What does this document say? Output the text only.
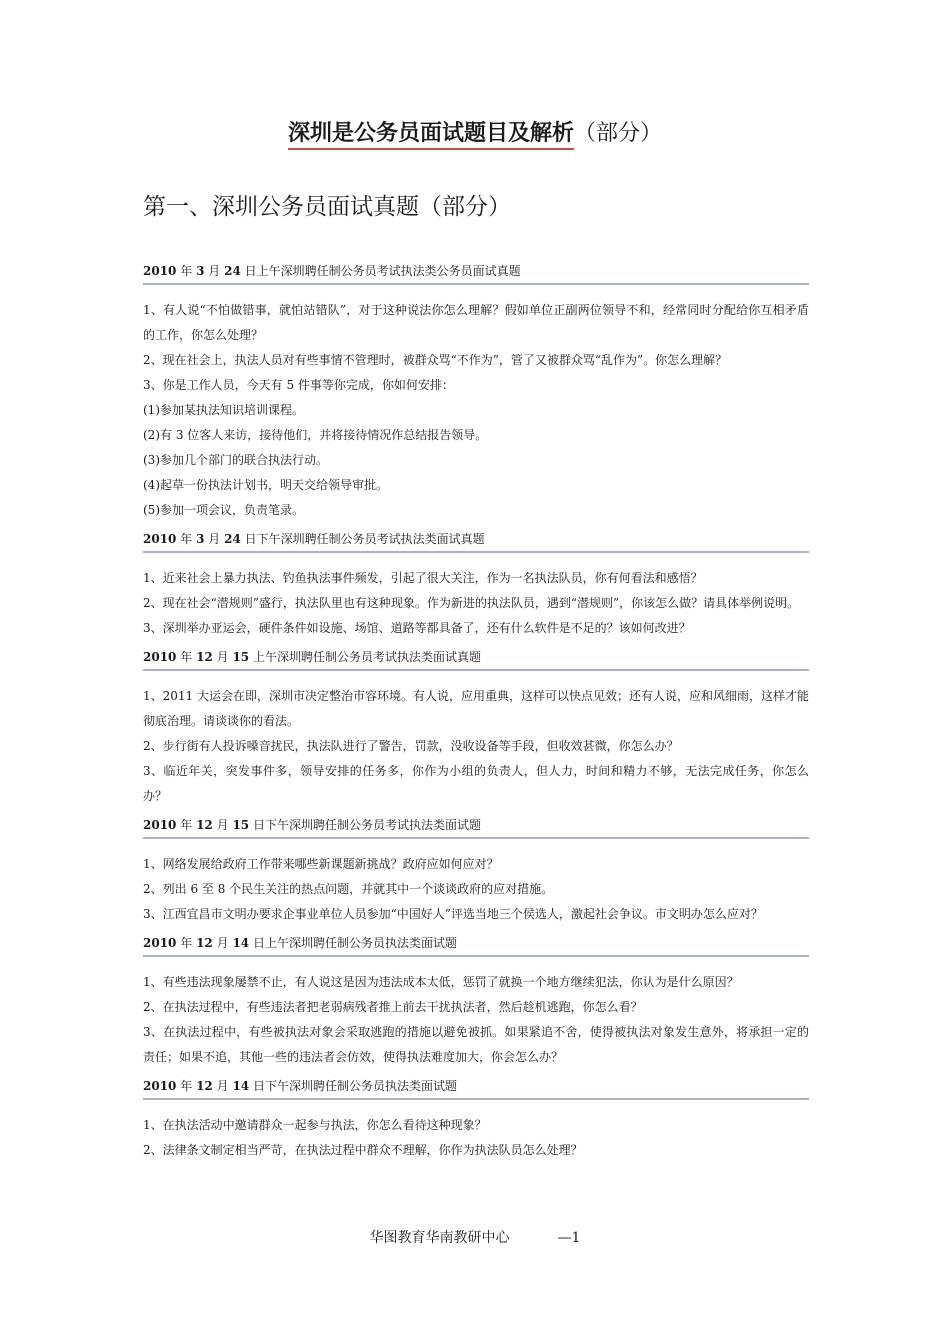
深圳是公务员面试题目及解析（部分）
第一、深圳公务员面试真题（部分）
2010 年 3 月 24 日上午深圳聘任制公务员考试执法类公务员面试真题

1、有人说“不怕做错事，就怕站错队”，对于这种说法你怎么理解？假如单位正副两位领导不和，经常同时分配给你互相矛盾的工作，你怎么处理？

2、现在社会上，执法人员对有些事情不管理时，被群众骂“不作为”，管了又被群众骂“乱作为”。你怎么理解？

3、你是工作人员，今天有 5 件事等你完成，你如何安排：

(1)参加某执法知识培训课程。

(2)有 3 位客人来访，接待他们，并将接待情况作总结报告领导。

(3)参加几个部门的联合执法行动。

(4)起草一份执法计划书，明天交给领导审批。

(5)参加一项会议，负责笔录。

2010 年 3 月 24 日下午深圳聘任制公务员考试执法类面试真题

1、近来社会上暴力执法、钓鱼执法事件频发，引起了很大关注，作为一名执法队员，你有何看法和感悟？

2、现在社会“潜规则”盛行，执法队里也有这种现象。作为新进的执法队员，遇到“潜规则”，你该怎么做？请具体举例说明。

3、深圳举办亚运会，硬件条件如设施、场馆、道路等都具备了，还有什么软件是不足的？该如何改进？

2010 年 12 月 15 上午深圳聘任制公务员考试执法类面试真题

1、2011 大运会在即，深圳市决定整治市容环境。有人说，应用重典，这样可以快点见效；还有人说，应和风细雨，这样才能彻底治理。请谈谈你的看法。

2、步行街有人投诉嗓音扰民，执法队进行了警告，罚款，没收设备等手段，但收效甚微，你怎么办？

3、临近年关，突发事件多，领导安排的任务多，你作为小组的负责人，但人力，时间和精力不够，无法完成任务，你怎么办？

2010 年 12 月 15 日下午深圳聘任制公务员考试执法类面试题

1、网络发展给政府工作带来哪些新课题新挑战？政府应如何应对？

2、列出 6 至 8 个民生关注的热点问题，并就其中一个谈谈政府的应对措施。

3、江西宜昌市文明办要求企事业单位人员参加“中国好人”评选当地三个侯选人，激起社会争议。市文明办怎么应对？

2010 年 12 月 14 日上午深圳聘任制公务员执法类面试题

1、有些违法现象屡禁不止，有人说这是因为违法成本太低，惩罚了就换一个地方继续犯法，你认为是什么原因？

2、在执法过程中，有些违法者把老弱病残者推上前去干扰执法者，然后趁机逃跑，你怎么看？

3、在执法过程中，有些被执法对象会采取逃跑的措施以避免被抓。如果紧追不舍，使得被执法对象发生意外，将承担一定的责任；如果不追，其他一些的违法者会仿效，使得执法难度加大，你会怎么办？

2010 年 12 月 14 日下午深圳聘任制公务员执法类面试题

1、在执法活动中邀请群众一起参与执法，你怎么看待这种现象？

2、法律条文制定相当严苛，在执法过程中群众不理解，你作为执法队员怎么处理？

华图教育华南教研中心	—1
